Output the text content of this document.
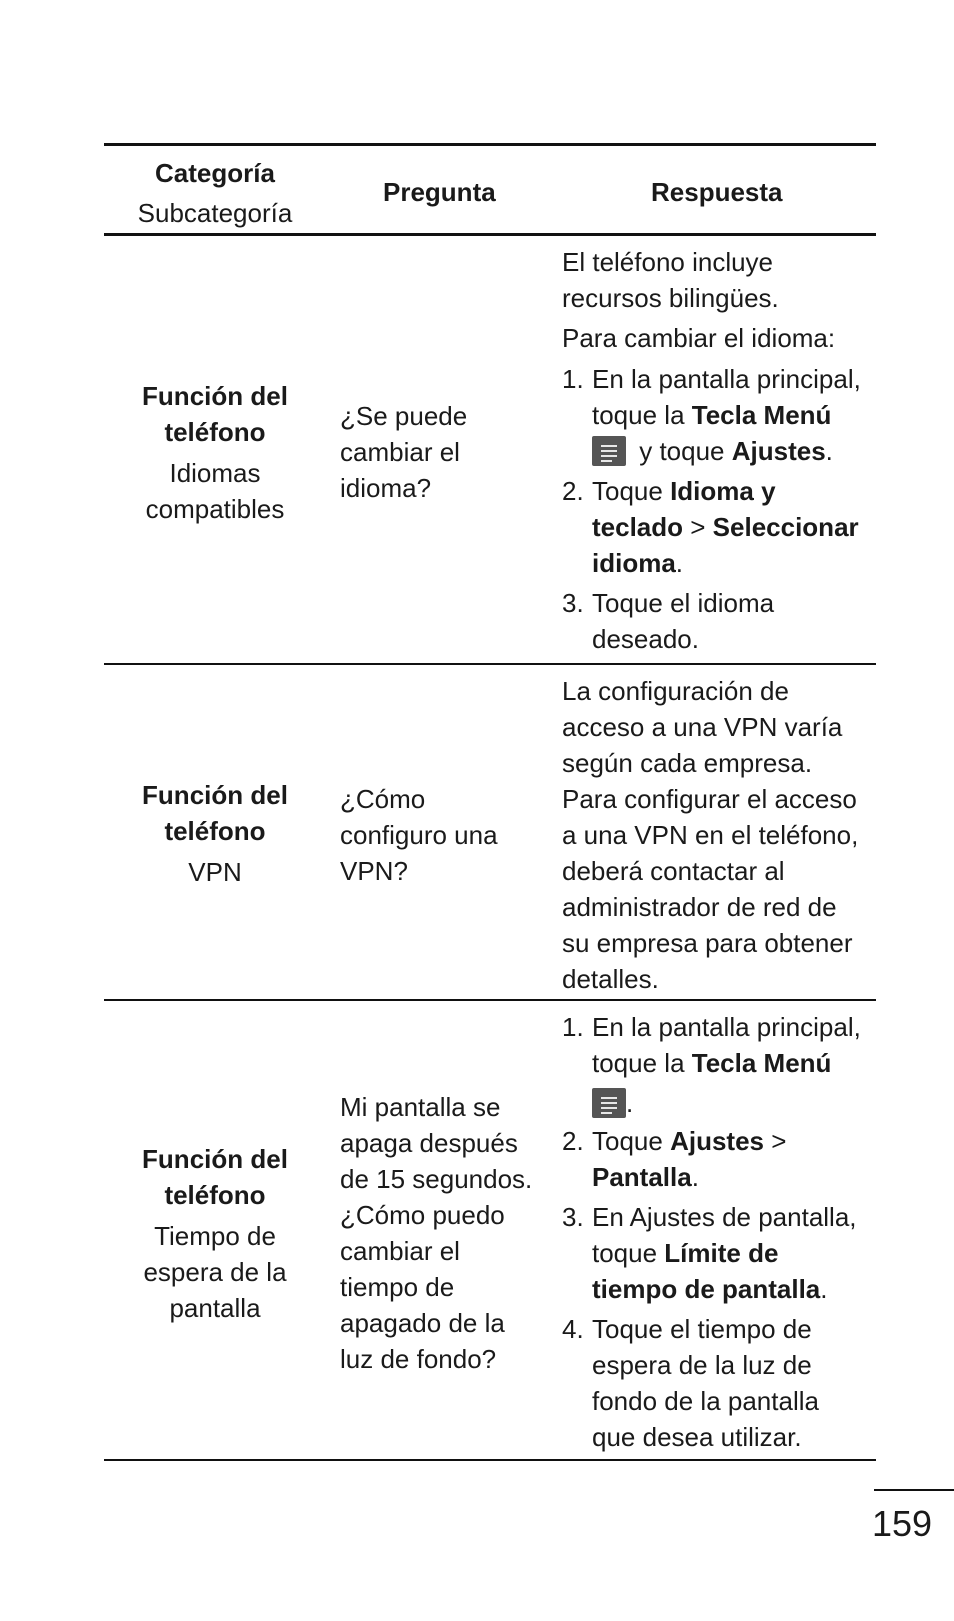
Categoría
Subcategoría
Pregunta	Respuesta
Función del
teléfono
Idiomas
compatibles
¿Se puede
cambiar el
idioma?
El teléfono incluye
recursos bilingües.
Para cambiar el idioma:
1. En la pantalla principal,
toque la Tecla Menú
y toque Ajustes.
2. Toque Idioma y
teclado > Seleccionar
idioma.
3. Toque el idioma
deseado.
Función del
teléfono
VPN
¿Cómo
configuro una
VPN?
La configuración de
acceso a una VPN varía
según cada empresa.
Para configurar el acceso
a una VPN en el teléfono,
deberá contactar al
administrador de red de
su empresa para obtener
detalles.
Función del
teléfono
Tiempo de
espera de la
pantalla
Mi pantalla se
apaga después
de 15 segundos.
¿Cómo puedo
cambiar el
tiempo de
apagado de la
luz de fondo?
1. En la pantalla principal,
toque la Tecla Menú
.
2. Toque Ajustes >
Pantalla.
3. En Ajustes de pantalla,
toque Límite de
tiempo de pantalla.
4. Toque el tiempo de
espera de la luz de
fondo de la pantalla
que desea utilizar.
159
